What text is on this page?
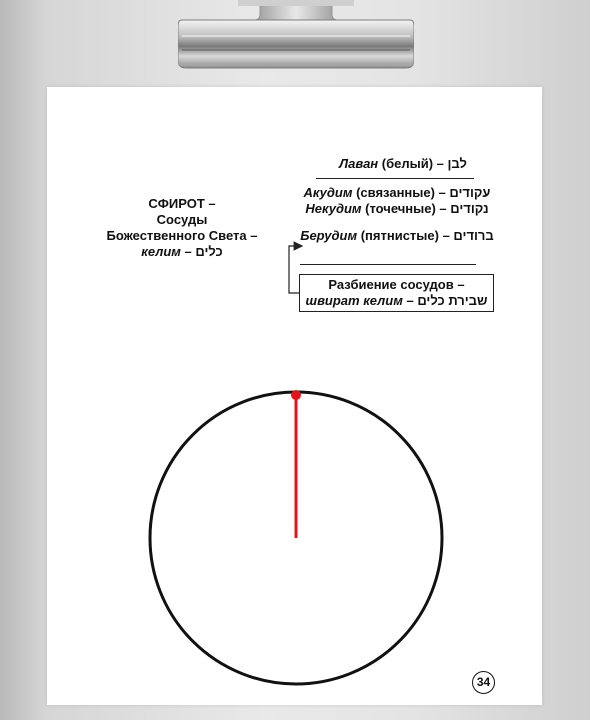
СФИРОТ –
Сосуды
Божественного Света –
келим – כלים
Лаван (белый) – לבן
Акудим (связанные) – עקודים
Некудим (точечные) – נקודים
Берудим (пятнистые) – ברודים
Разбиение сосудов –
швират келим – שבירת כלים
34
